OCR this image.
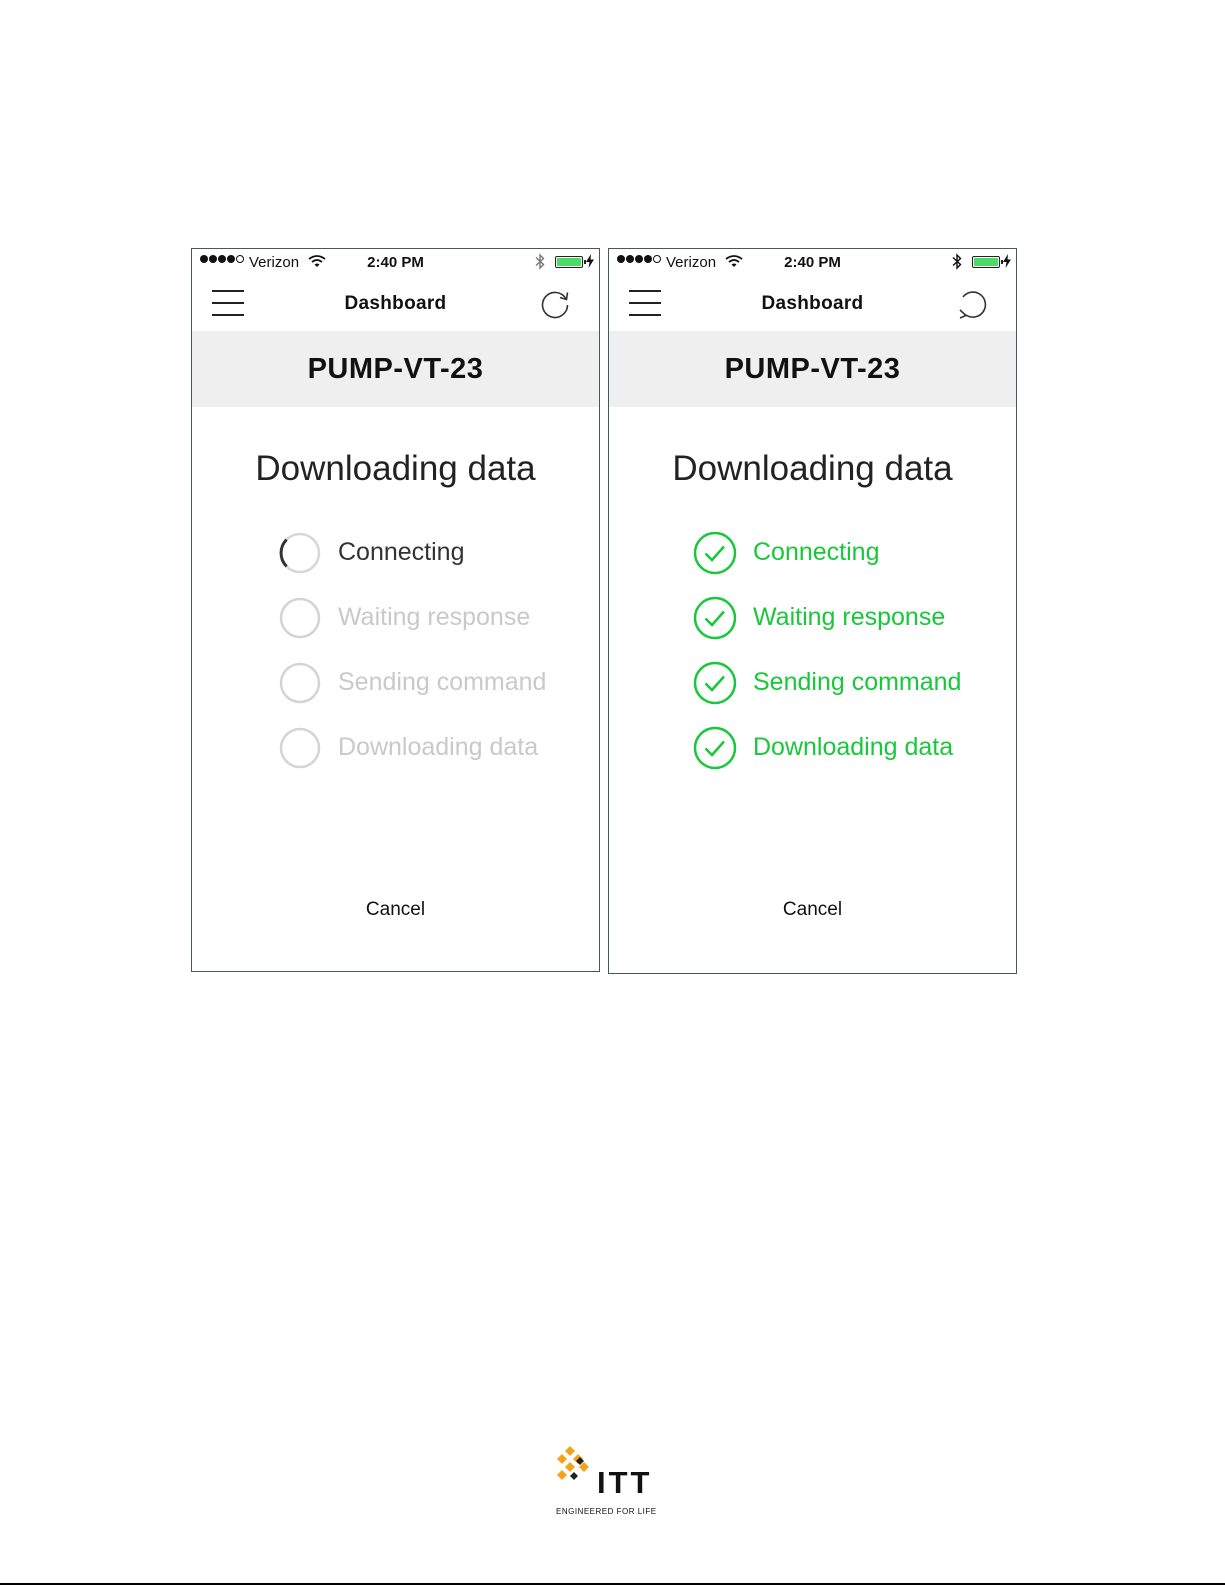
Verizon	2:40 PM
Dashboard
PUMP-VT-23
Downloading data
Connecting
Waiting response
Sending command
Downloading data
Cancel
Verizon	2:40 PM
Dashboard
PUMP-VT-23
Downloading data
Connecting
Waiting response
Sending command
Downloading data
Cancel
ITT
ENGINEERED FOR LIFE
